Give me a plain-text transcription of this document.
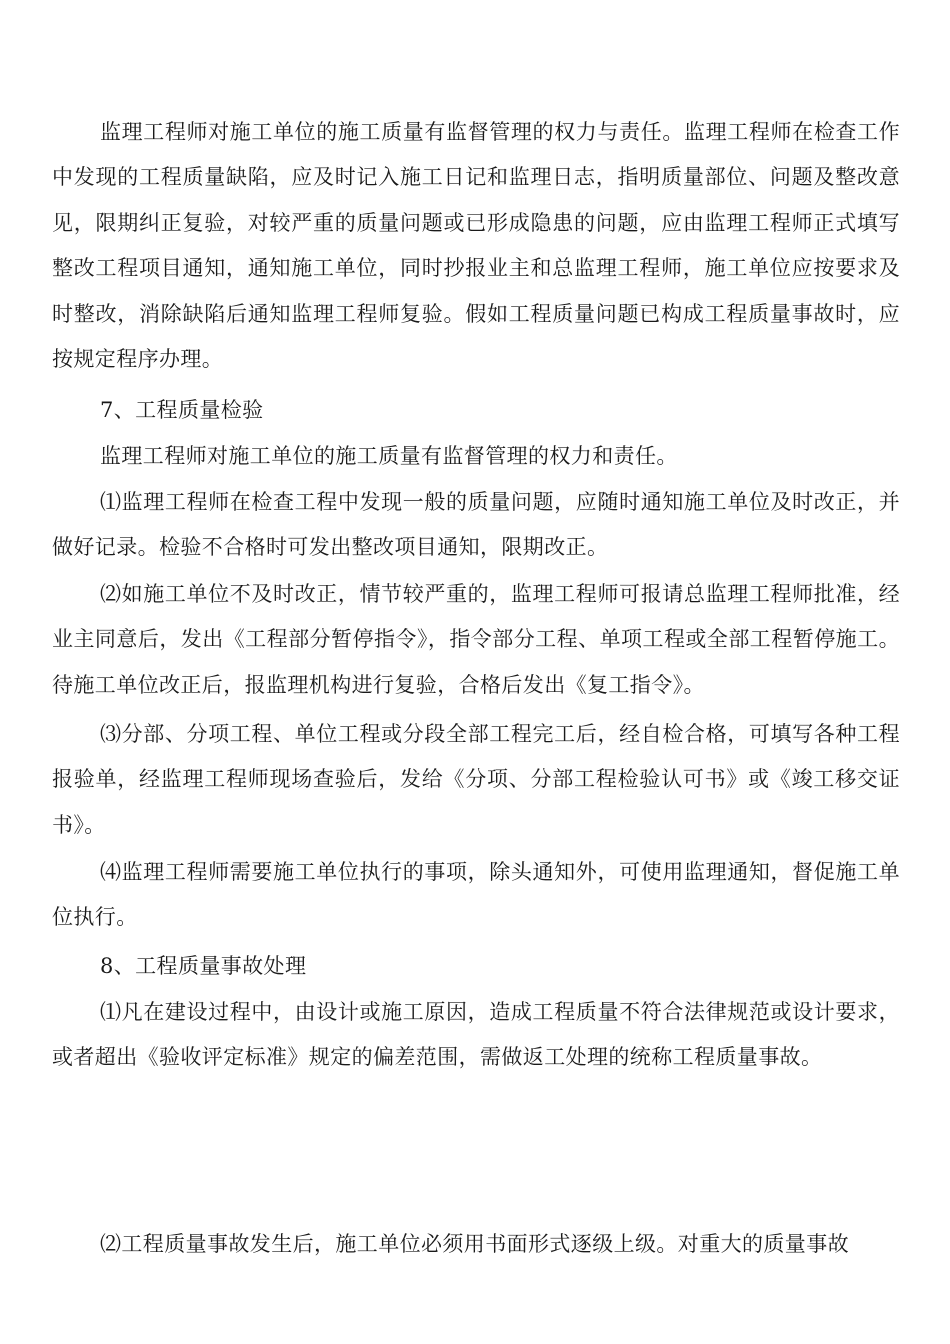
监理工程师对施工单位的施工质量有监督管理的权力与责任。监理工程师在检查工作中发现的工程质量缺陷，应及时记入施工日记和监理日志，指明质量部位、问题及整改意见，限期纠正复验，对较严重的质量问题或已形成隐患的问题，应由监理工程师正式填写整改工程项目通知，通知施工单位，同时抄报业主和总监理工程师，施工单位应按要求及时整改，消除缺陷后通知监理工程师复验。假如工程质量问题已构成工程质量事故时，应按规定程序办理。

7、工程质量检验

监理工程师对施工单位的施工质量有监督管理的权力和责任。

⑴监理工程师在检查工程中发现一般的质量问题，应随时通知施工单位及时改正，并做好记录。检验不合格时可发出整改项目通知，限期改正。

⑵如施工单位不及时改正，情节较严重的，监理工程师可报请总监理工程师批准，经业主同意后，发出《工程部分暂停指令》，指令部分工程、单项工程或全部工程暂停施工。待施工单位改正后，报监理机构进行复验，合格后发出《复工指令》。

⑶分部、分项工程、单位工程或分段全部工程完工后，经自检合格，可填写各种工程报验单，经监理工程师现场查验后，发给《分项、分部工程检验认可书》或《竣工移交证书》。

⑷监理工程师需要施工单位执行的事项，除头通知外，可使用监理通知，督促施工单位执行。

8、工程质量事故处理

⑴凡在建设过程中，由设计或施工原因，造成工程质量不符合法律规范或设计要求，或者超出《验收评定标准》规定的偏差范围，需做返工处理的统称工程质量事故。

⑵工程质量事故发生后，施工单位必须用书面形式逐级上级。对重大的质量事故
